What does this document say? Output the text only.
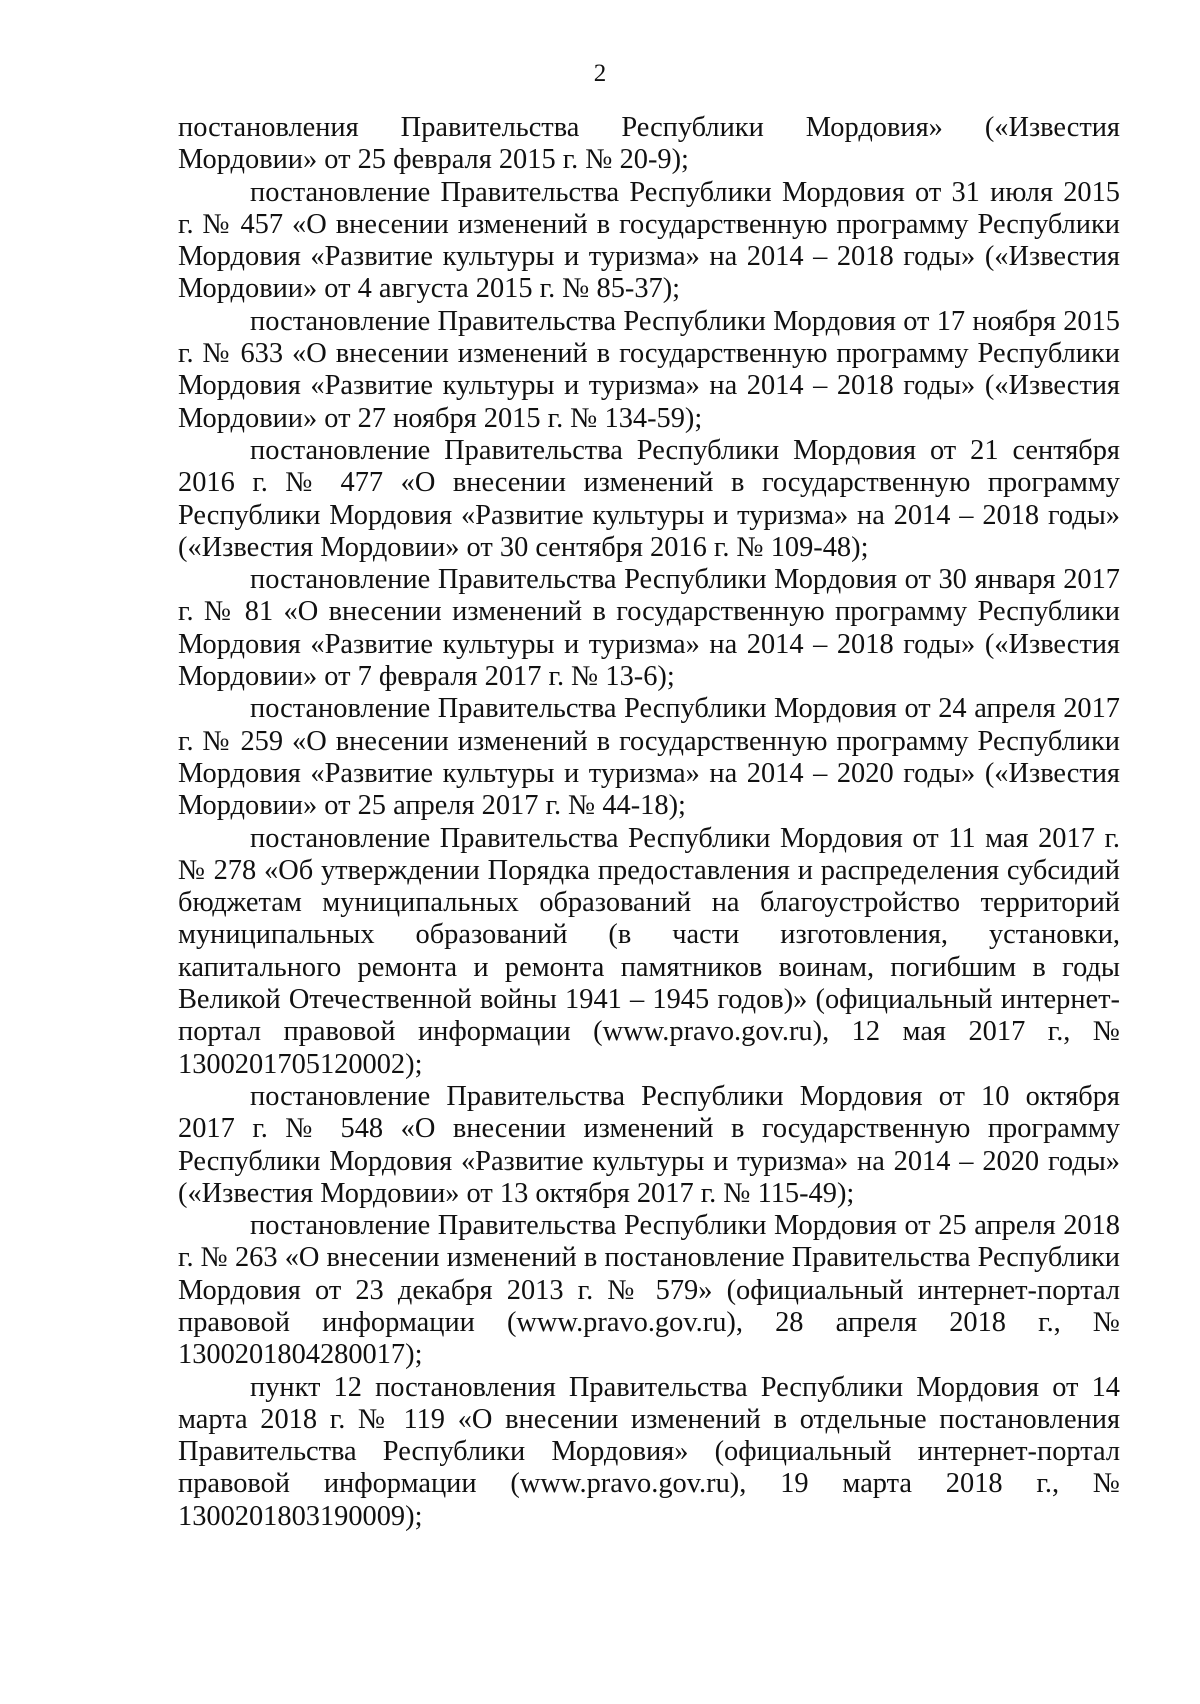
2

постановления Правительства Республики Мордовия» («Известия Мордовии» от 25 февраля 2015 г. № 20-9);

постановление Правительства Республики Мордовия от 31 июля 2015 г. № 457 «О внесении изменений в государственную программу Республики Мордовия «Развитие культуры и туризма» на 2014 – 2018 годы» («Известия Мордовии» от 4 августа 2015 г. № 85-37);

постановление Правительства Республики Мордовия от 17 ноября 2015 г. № 633 «О внесении изменений в государственную программу Республики Мордовия «Развитие культуры и туризма» на 2014 – 2018 годы» («Известия Мордовии» от 27 ноября 2015 г. № 134-59);

постановление Правительства Республики Мордовия от 21 сентября 2016 г. № 477 «О внесении изменений в государственную программу Республики Мордовия «Развитие культуры и туризма» на 2014 – 2018 годы» («Известия Мордовии» от 30 сентября 2016 г. № 109-48);

постановление Правительства Республики Мордовия от 30 января 2017 г. № 81 «О внесении изменений в государственную программу Республики Мордовия «Развитие культуры и туризма» на 2014 – 2018 годы» («Известия Мордовии» от 7 февраля 2017 г. № 13-6);

постановление Правительства Республики Мордовия от 24 апреля 2017 г. № 259 «О внесении изменений в государственную программу Республики Мордовия «Развитие культуры и туризма» на 2014 – 2020 годы» («Известия Мордовии» от 25 апреля 2017 г. № 44-18);

постановление Правительства Республики Мордовия от 11 мая 2017 г. № 278 «Об утверждении Порядка предоставления и распределения субсидий бюджетам муниципальных образований на благоустройство территорий муниципальных образований (в части изготовления, установки, капитального ремонта и ремонта памятников воинам, погибшим в годы Великой Отечественной войны 1941 – 1945 годов)» (официальный интернет-портал правовой информации (www.pravo.gov.ru), 12 мая 2017 г., № 1300201705120002);

постановление Правительства Республики Мордовия от 10 октября 2017 г. № 548 «О внесении изменений в государственную программу Республики Мордовия «Развитие культуры и туризма» на 2014 – 2020 годы» («Известия Мордовии» от 13 октября 2017 г. № 115-49);

постановление Правительства Республики Мордовия от 25 апреля 2018 г. № 263 «О внесении изменений в постановление Правительства Республики Мордовия от 23 декабря 2013 г. № 579» (официальный интернет-портал правовой информации (www.pravo.gov.ru), 28 апреля 2018 г., № 1300201804280017);

пункт 12 постановления Правительства Республики Мордовия от 14 марта 2018 г. № 119 «О внесении изменений в отдельные постановления Правительства Республики Мордовия» (официальный интернет-портал правовой информации (www.pravo.gov.ru), 19 марта 2018 г., № 1300201803190009);
